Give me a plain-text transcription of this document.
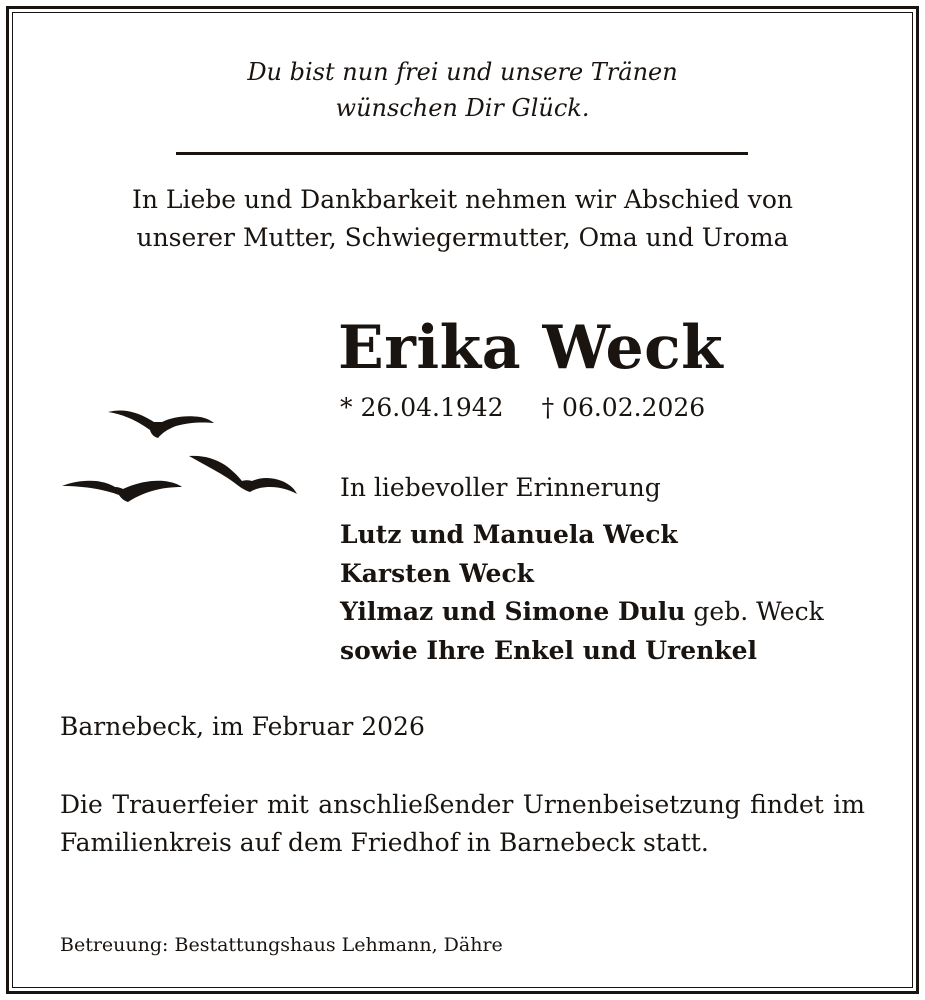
Du bist nun frei und unsere Tränen
wünschen Dir Glück.
In Liebe und Dankbarkeit nehmen wir Abschied von
unserer Mutter, Schwiegermutter, Oma und Uroma
Erika Weck
* 26.04.1942 † 06.02.2026
In liebevoller Erinnerung
Lutz und Manuela Weck
Karsten Weck
Yilmaz und Simone Dulu geb. Weck
sowie Ihre Enkel und Urenkel
Barnebeck, im Februar 2026
Die Trauerfeier mit anschließender Urnenbeisetzung findet im Familienkreis auf dem Friedhof in Barnebeck statt.
Betreuung: Bestattungshaus Lehmann, Dähre
